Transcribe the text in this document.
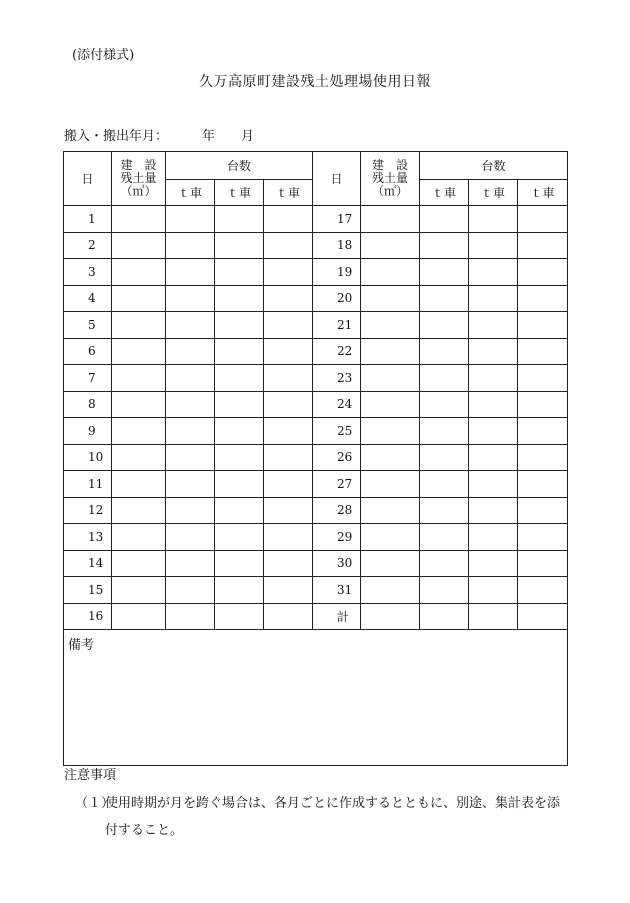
(添付様式)
久万高原町建設残土処理場使用日報
搬入・搬出年月：	年 月
日	建　設
残土量
（㎥）	台数			日	建　設
残土量
（㎥）	台数		
		ｔ車	ｔ車	ｔ車			ｔ車	ｔ車	ｔ車
1					17				
2					18				
3					19				
4					20				
5					21				
6					22				
7					23				
8					24				
9					25				
10					26				
11					27				
12					28				
13					29				
14					30				
15					31				
16					計				
備考									
注意事項
（１）使用時期が月を跨ぐ場合は、各月ごとに作成するとともに、別途、集計表を添
付すること。
